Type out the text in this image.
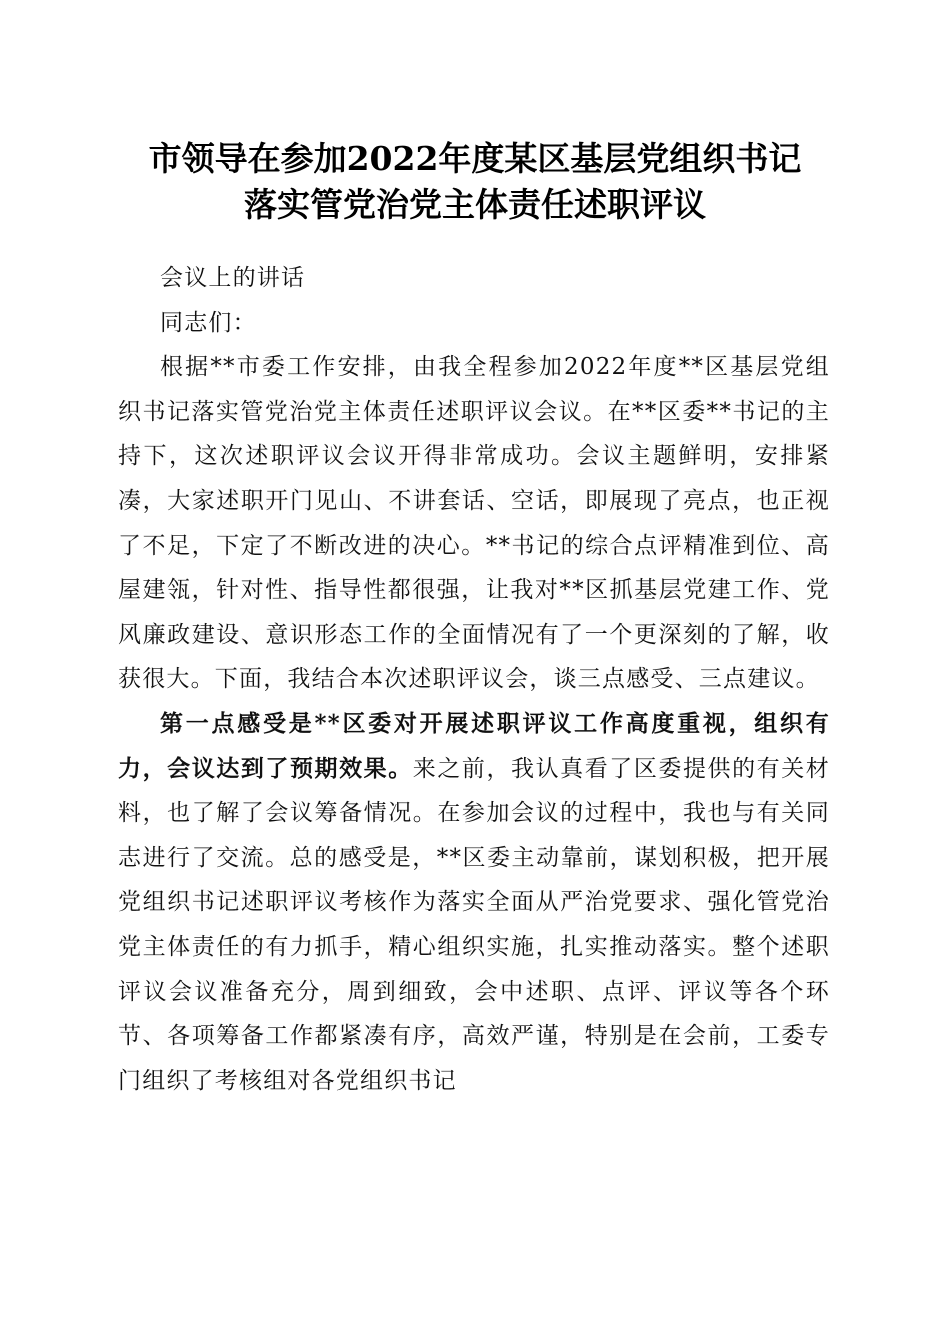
市领导在参加2022年度某区基层党组织书记
落实管党治党主体责任述职评议

会议上的讲话

同志们：

根据**市委工作安排，由我全程参加2022年度**区基层党组织书记落实管党治党主体责任述职评议会议。在**区委**书记的主持下，这次述职评议会议开得非常成功。会议主题鲜明，安排紧凑，大家述职开门见山、不讲套话、空话，即展现了亮点，也正视了不足，下定了不断改进的决心。**书记的综合点评精准到位、高屋建瓴，针对性、指导性都很强，让我对**区抓基层党建工作、党风廉政建设、意识形态工作的全面情况有了一个更深刻的了解，收获很大。下面，我结合本次述职评议会，谈三点感受、三点建议。

第一点感受是**区委对开展述职评议工作高度重视，组织有力，会议达到了预期效果。来之前，我认真看了区委提供的有关材料，也了解了会议筹备情况。在参加会议的过程中，我也与有关同志进行了交流。总的感受是，**区委主动靠前，谋划积极，把开展党组织书记述职评议考核作为落实全面从严治党要求、强化管党治党主体责任的有力抓手，精心组织实施，扎实推动落实。整个述职评议会议准备充分，周到细致，会中述职、点评、评议等各个环节、各项筹备工作都紧凑有序，高效严谨，特别是在会前，工委专门组织了考核组对各党组织书记
